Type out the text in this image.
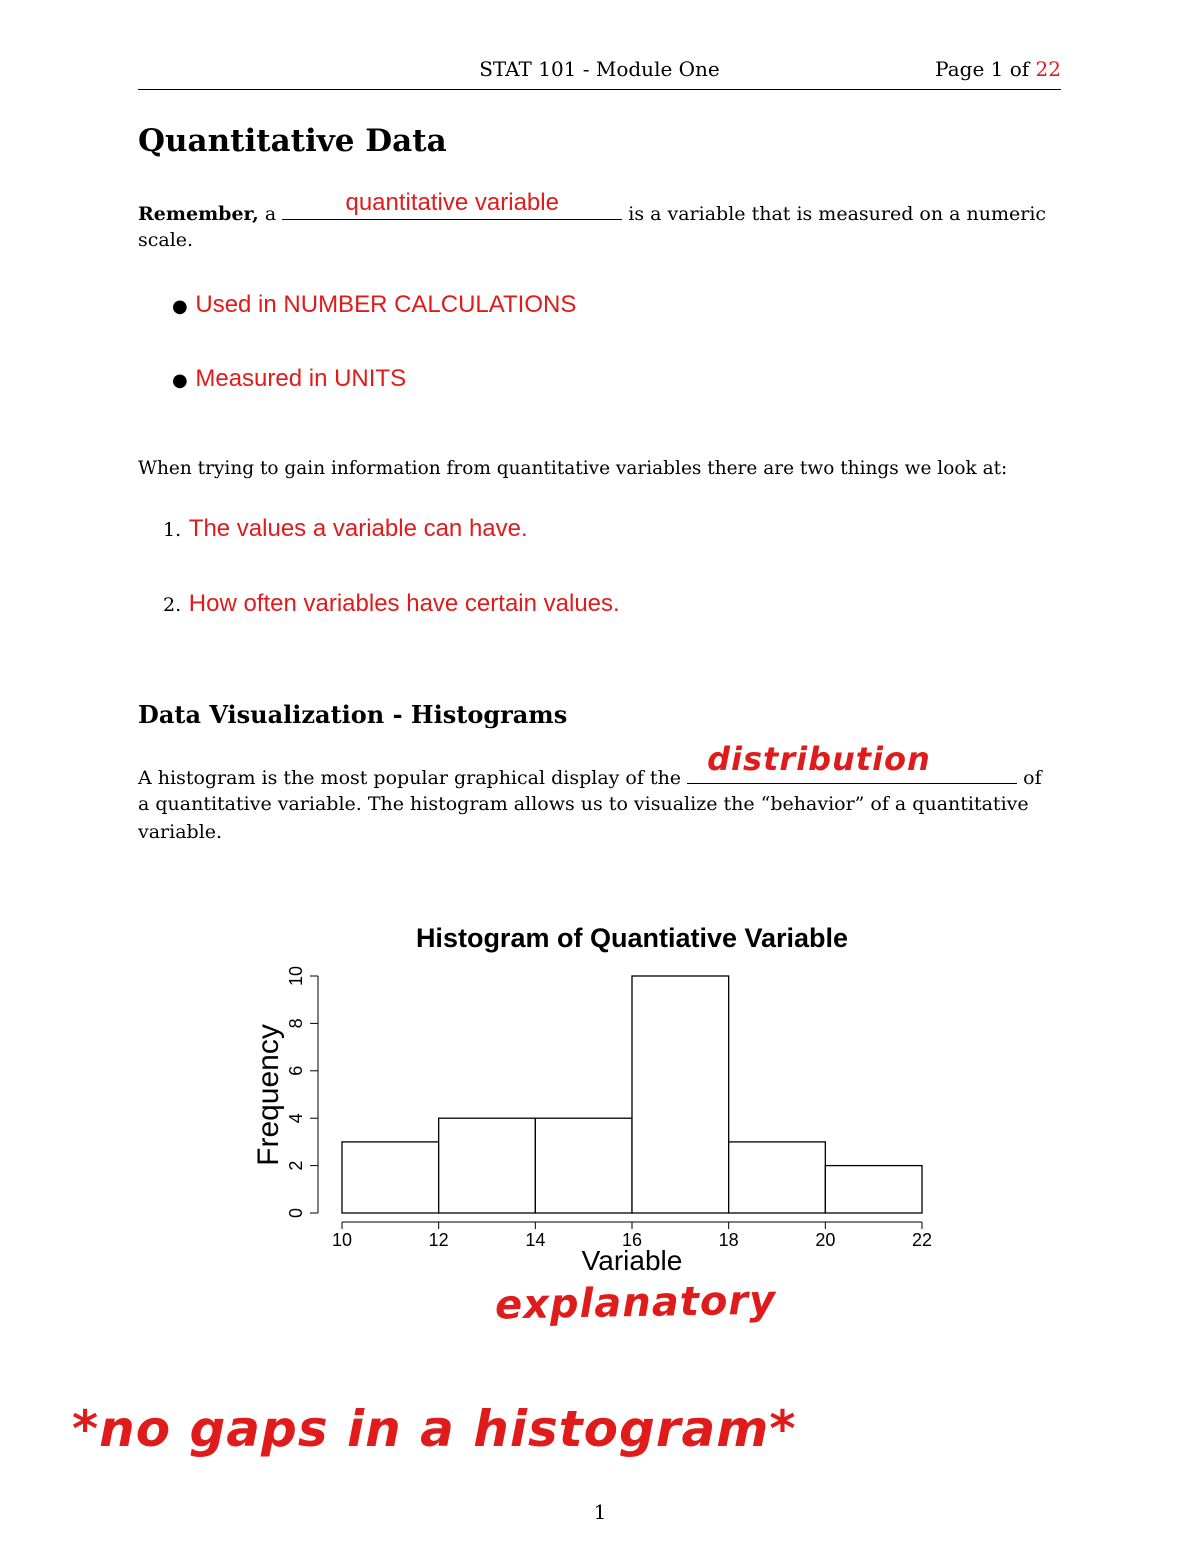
STAT 101 - Module One	Page 1 of 22
Quantitative Data
Remember, a	quantitative variable	is a variable that is measured on a numeric
scale.
● Used in NUMBER CALCULATIONS
● Measured in UNITS
When trying to gain information from quantitative variables there are two things we look at:
1. The values a variable can have.
2. How often variables have certain values.
Data Visualization - Histograms
A histogram is the most popular graphical display of the distribution	of
a quantitative variable. The histogram allows us to visualize the “behavior” of a quantitative
variable.
Histogram of Quantiative Variable
0
2
4
6
8
10
10	12	14	16	18	20	22
Frequency
Variable
explanatory
*no gaps in a histogram*
1
